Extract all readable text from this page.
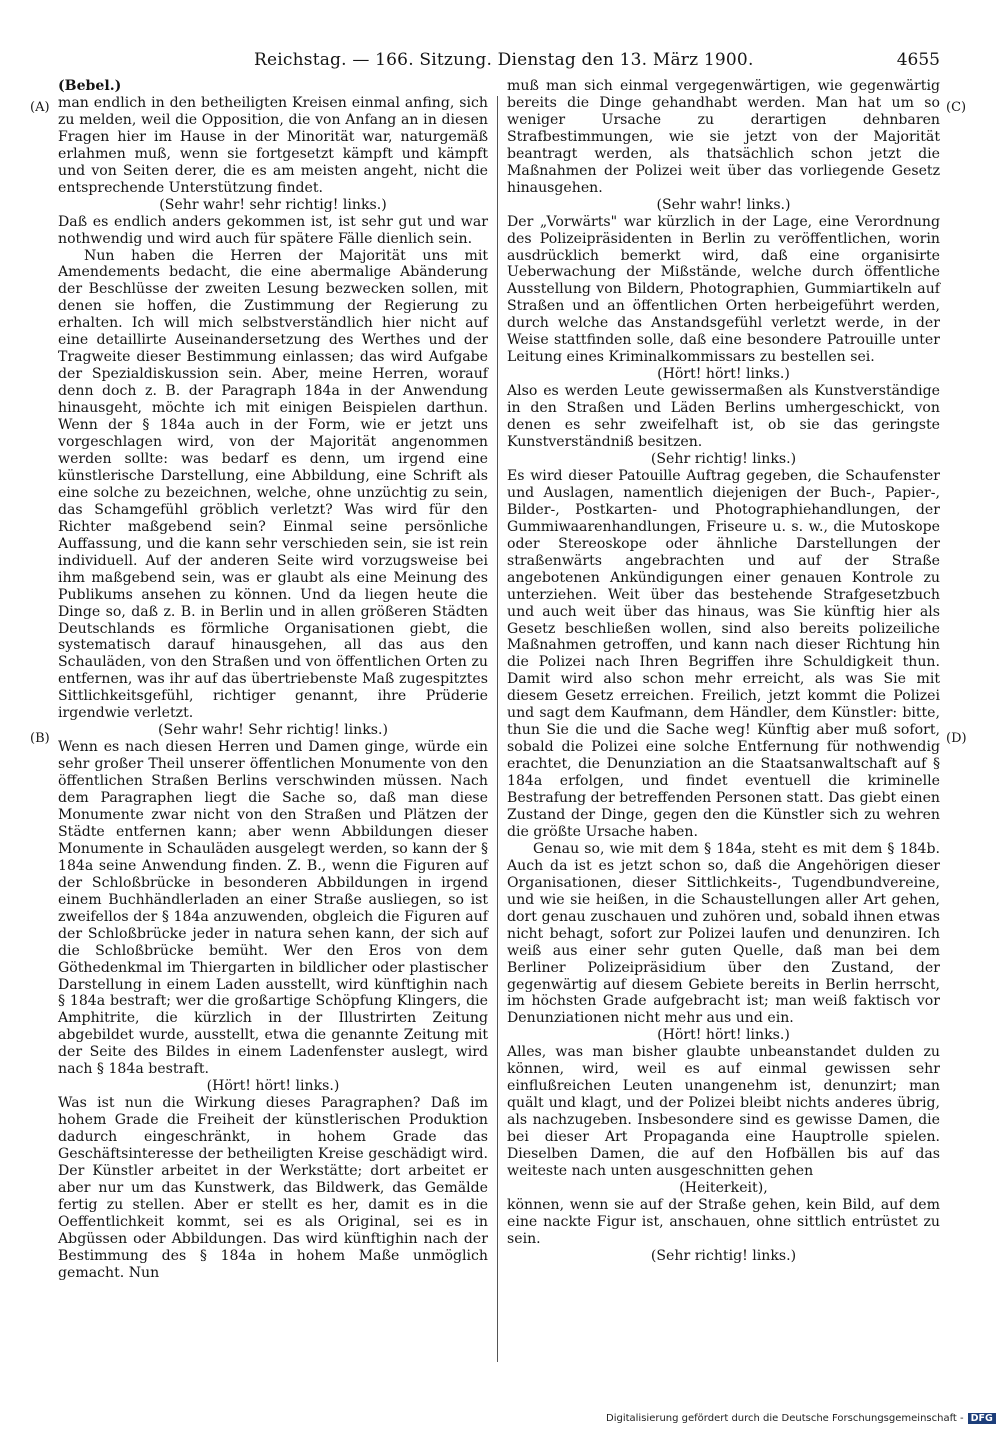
Reichstag. — 166. Sitzung. Dienstag den 13. März 1900.	4655
(A)
(B)
(C)
(D)

(Bebel.)

man endlich in den betheiligten Kreisen einmal anfing, sich zu melden, weil die Opposition, die von Anfang an in diesen Fragen hier im Hause in der Minorität war, naturgemäß erlahmen muß, wenn sie fortgesetzt kämpft und kämpft und von Seiten derer, die es am meisten angeht, nicht die entsprechende Unterstützung findet.

(Sehr wahr! sehr richtig! links.)

Daß es endlich anders gekommen ist, ist sehr gut und war nothwendig und wird auch für spätere Fälle dienlich sein.

Nun haben die Herren der Majorität uns mit Amendements bedacht, die eine abermalige Abänderung der Beschlüsse der zweiten Lesung bezwecken sollen, mit denen sie hoffen, die Zustimmung der Regierung zu erhalten. Ich will mich selbstverständlich hier nicht auf eine detaillirte Auseinandersetzung des Werthes und der Tragweite dieser Bestimmung einlassen; das wird Aufgabe der Spezialdiskussion sein. Aber, meine Herren, worauf denn doch z. B. der Paragraph 184a in der Anwendung hinausgeht, möchte ich mit einigen Beispielen darthun. Wenn der § 184a auch in der Form, wie er jetzt uns vorgeschlagen wird, von der Majorität angenommen werden sollte: was bedarf es denn, um irgend eine künstlerische Darstellung, eine Abbildung, eine Schrift als eine solche zu bezeichnen, welche, ohne unzüchtig zu sein, das Schamgefühl gröblich verletzt? Was wird für den Richter maßgebend sein? Einmal seine persönliche Auffassung, und die kann sehr verschieden sein, sie ist rein individuell. Auf der anderen Seite wird vorzugsweise bei ihm maßgebend sein, was er glaubt als eine Meinung des Publikums ansehen zu können. Und da liegen heute die Dinge so, daß z. B. in Berlin und in allen größeren Städten Deutschlands es förmliche Organisationen giebt, die systematisch darauf hinausgehen, all das aus den Schauläden, von den Straßen und von öffentlichen Orten zu entfernen, was ihr auf das übertriebenste Maß zugespitztes Sittlichkeitsgefühl, richtiger genannt, ihre Prüderie irgendwie verletzt.

(Sehr wahr! Sehr richtig! links.)

Wenn es nach diesen Herren und Damen ginge, würde ein sehr großer Theil unserer öffentlichen Monumente von den öffentlichen Straßen Berlins verschwinden müssen. Nach dem Paragraphen liegt die Sache so, daß man diese Monumente zwar nicht von den Straßen und Plätzen der Städte entfernen kann; aber wenn Abbildungen dieser Monumente in Schauläden ausgelegt werden, so kann der § 184a seine Anwendung finden. Z. B., wenn die Figuren auf der Schloßbrücke in besonderen Abbildungen in irgend einem Buchhändlerladen an einer Straße ausliegen, so ist zweifellos der § 184a anzuwenden, obgleich die Figuren auf der Schloßbrücke jeder in natura sehen kann, der sich auf die Schloßbrücke bemüht. Wer den Eros von dem Göthedenkmal im Thiergarten in bildlicher oder plastischer Darstellung in einem Laden ausstellt, wird künftighin nach § 184a bestraft; wer die großartige Schöpfung Klingers, die Amphitrite, die kürzlich in der Illustrirten Zeitung abgebildet wurde, ausstellt, etwa die genannte Zeitung mit der Seite des Bildes in einem Ladenfenster auslegt, wird nach § 184a bestraft.

(Hört! hört! links.)

Was ist nun die Wirkung dieses Paragraphen? Daß im hohem Grade die Freiheit der künstlerischen Produktion dadurch eingeschränkt, in hohem Grade das Geschäftsinteresse der betheiligten Kreise geschädigt wird. Der Künstler arbeitet in der Werkstätte; dort arbeitet er aber nur um das Kunstwerk, das Bildwerk, das Gemälde fertig zu stellen. Aber er stellt es her, damit es in die Oeffentlichkeit kommt, sei es als Original, sei es in Abgüssen oder Abbildungen. Das wird künftighin nach der Bestimmung des § 184a in hohem Maße unmöglich gemacht. Nun

muß man sich einmal vergegenwärtigen, wie gegenwärtig bereits die Dinge gehandhabt werden. Man hat um so weniger Ursache zu derartigen dehnbaren Strafbestimmungen, wie sie jetzt von der Majorität beantragt werden, als thatsächlich schon jetzt die Maßnahmen der Polizei weit über das vorliegende Gesetz hinausgehen.

(Sehr wahr! links.)

Der „Vorwärts" war kürzlich in der Lage, eine Verordnung des Polizeipräsidenten in Berlin zu veröffentlichen, worin ausdrücklich bemerkt wird, daß eine organisirte Ueberwachung der Mißstände, welche durch öffentliche Ausstellung von Bildern, Photographien, Gummiartikeln auf Straßen und an öffentlichen Orten herbeigeführt werden, durch welche das Anstandsgefühl verletzt werde, in der Weise stattfinden solle, daß eine besondere Patrouille unter Leitung eines Kriminalkommissars zu bestellen sei.

(Hört! hört! links.)

Also es werden Leute gewissermaßen als Kunstverständige in den Straßen und Läden Berlins umhergeschickt, von denen es sehr zweifelhaft ist, ob sie das geringste Kunstverständniß besitzen.

(Sehr richtig! links.)

Es wird dieser Patouille Auftrag gegeben, die Schaufenster und Auslagen, namentlich diejenigen der Buch-, Papier-, Bilder-, Postkarten- und Photographiehandlungen, der Gummiwaarenhandlungen, Friseure u. s. w., die Mutoskope oder Stereoskope oder ähnliche Darstellungen der straßenwärts angebrachten und auf der Straße angebotenen Ankündigungen einer genauen Kontrole zu unterziehen. Weit über das bestehende Strafgesetzbuch und auch weit über das hinaus, was Sie künftig hier als Gesetz beschließen wollen, sind also bereits polizeiliche Maßnahmen getroffen, und kann nach dieser Richtung hin die Polizei nach Ihren Begriffen ihre Schuldigkeit thun. Damit wird also schon mehr erreicht, als was Sie mit diesem Gesetz erreichen. Freilich, jetzt kommt die Polizei und sagt dem Kaufmann, dem Händler, dem Künstler: bitte, thun Sie die und die Sache weg! Künftig aber muß sofort, sobald die Polizei eine solche Entfernung für nothwendig erachtet, die Denunziation an die Staatsanwaltschaft auf § 184a erfolgen, und findet eventuell die kriminelle Bestrafung der betreffenden Personen statt. Das giebt einen Zustand der Dinge, gegen den die Künstler sich zu wehren die größte Ursache haben.

Genau so, wie mit dem § 184a, steht es mit dem § 184b. Auch da ist es jetzt schon so, daß die Angehörigen dieser Organisationen, dieser Sittlichkeits-, Tugendbundvereine, und wie sie heißen, in die Schaustellungen aller Art gehen, dort genau zuschauen und zuhören und, sobald ihnen etwas nicht behagt, sofort zur Polizei laufen und denunziren. Ich weiß aus einer sehr guten Quelle, daß man bei dem Berliner Polizeipräsidium über den Zustand, der gegenwärtig auf diesem Gebiete bereits in Berlin herrscht, im höchsten Grade aufgebracht ist; man weiß faktisch vor Denunziationen nicht mehr aus und ein.

(Hört! hört! links.)

Alles, was man bisher glaubte unbeanstandet dulden zu können, wird, weil es auf einmal gewissen sehr einflußreichen Leuten unangenehm ist, denunzirt; man quält und klagt, und der Polizei bleibt nichts anderes übrig, als nachzugeben. Insbesondere sind es gewisse Damen, die bei dieser Art Propaganda eine Hauptrolle spielen. Dieselben Damen, die auf den Hofbällen bis auf das weiteste nach unten ausgeschnitten gehen

(Heiterkeit),

können, wenn sie auf der Straße gehen, kein Bild, auf dem eine nackte Figur ist, anschauen, ohne sittlich entrüstet zu sein.

(Sehr richtig! links.)

Digitalisierung gefördert durch die Deutsche Forschungsgemeinschaft - DFG
